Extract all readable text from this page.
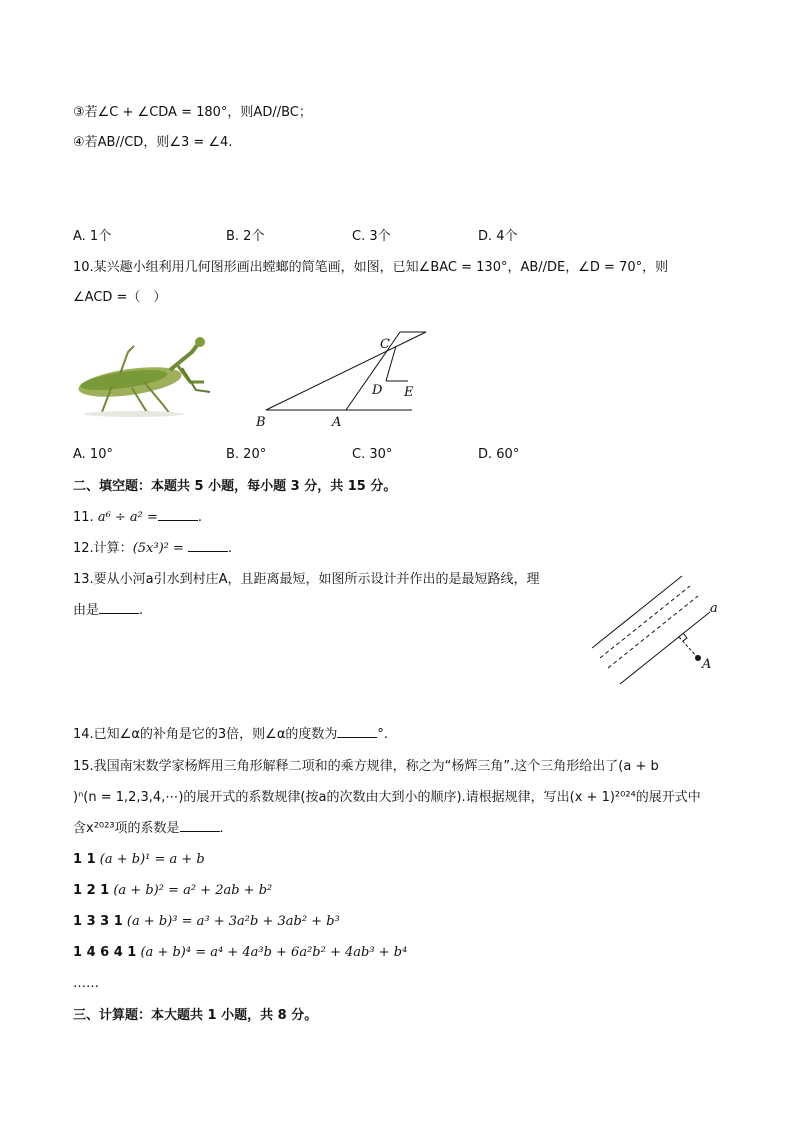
③若∠C + ∠CDA = 180°，则AD//BC；
④若AB//CD，则∠3 = ∠4.
A. 1个	B. 2个	C. 3个	D. 4个
10.某兴趣小组利用几何图形画出螳螂的简笔画，如图，已知∠BAC = 130°，AB//DE，∠D = 70°，则
∠ACD =（　）
B	A
C
D E
A. 10°	B. 20°	C. 30°	D. 60°
二、填空题：本题共 5 小题，每小题 3 分，共 15 分。
11. a⁶ ÷ a² =	.
12.计算：(5x³)² =	.
13.要从小河a引水到村庄A，且距离最短，如图所示设计并作出的是最短路线，理
由是	.	a
A
14.已知∠α的补角是它的3倍，则∠α的度数为	°.
15.我国南宋数学家杨辉用三角形解释二项和的乘方规律，称之为“杨辉三角”.这个三角形给出了(a + b
)ⁿ(n = 1,2,3,4,⋯)的展开式的系数规律(按a的次数由大到小的顺序).请根据规律，写出(x + 1)²⁰²⁴的展开式中
含x²⁰²³项的系数是	.
1 1 (a + b)¹ = a + b
1 2 1 (a + b)² = a² + 2ab + b²
1 3 3 1 (a + b)³ = a³ + 3a²b + 3ab² + b³
1 4 6 4 1 (a + b)⁴ = a⁴ + 4a³b + 6a²b² + 4ab³ + b⁴
……
三、计算题：本大题共 1 小题，共 8 分。
